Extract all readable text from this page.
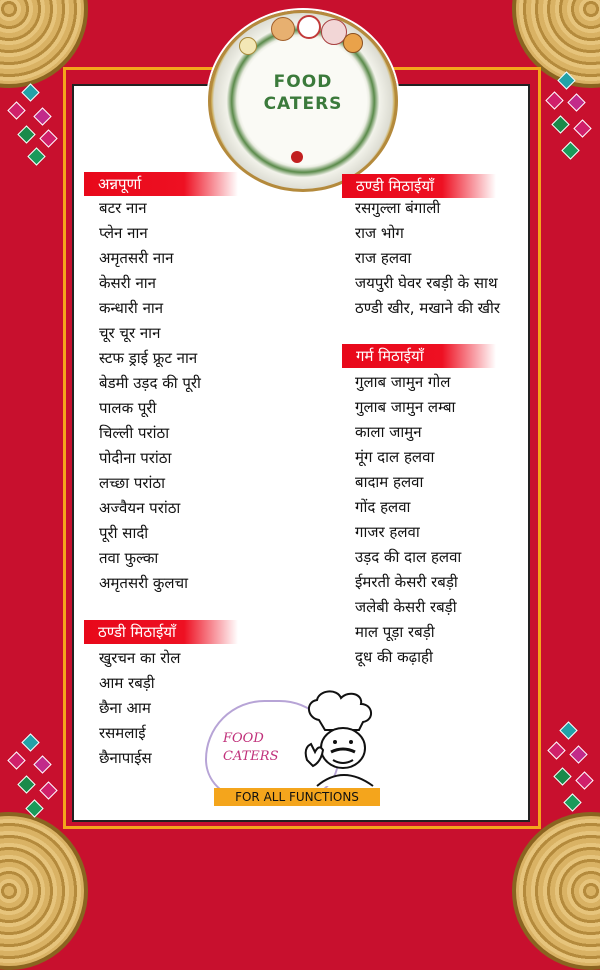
FOOD
CATERS
अन्नपूर्णा
बटर नान
प्लेन नान
अमृतसरी नान
केसरी नान
कन्धारी नान
चूर चूर नान
स्टफ ड्राई फ्रूट नान
बेडमी उड़द की पूरी
पालक पूरी
चिल्ली परांठा
पोदीना परांठा
लच्छा परांठा
अज्वैयन परांठा
पूरी सादी
तवा फुल्का
अमृतसरी कुलचा
ठण्डी मिठाईयाँ
खुरचन का रोल
आम रबड़ी
छैना आम
रसमलाई
छैनापाईस
ठण्डी मिठाईयाँ
रसगुल्ला बंगाली
राज भोग
राज हलवा
जयपुरी घेवर रबड़ी के साथ
ठण्डी खीर, मखाने की खीर
गर्म मिठाईयाँ
गुलाब जामुन गोल
गुलाब जामुन लम्बा
काला जामुन
मूंग दाल हलवा
बादाम हलवा
गोंद हलवा
गाजर हलवा
उड़द की दाल हलवा
ईमरती केसरी रबड़ी
जलेबी केसरी रबड़ी
माल पूड़ा रबड़ी
दूध की कढ़ाही
FOOD
CATERS
FOR ALL FUNCTIONS
